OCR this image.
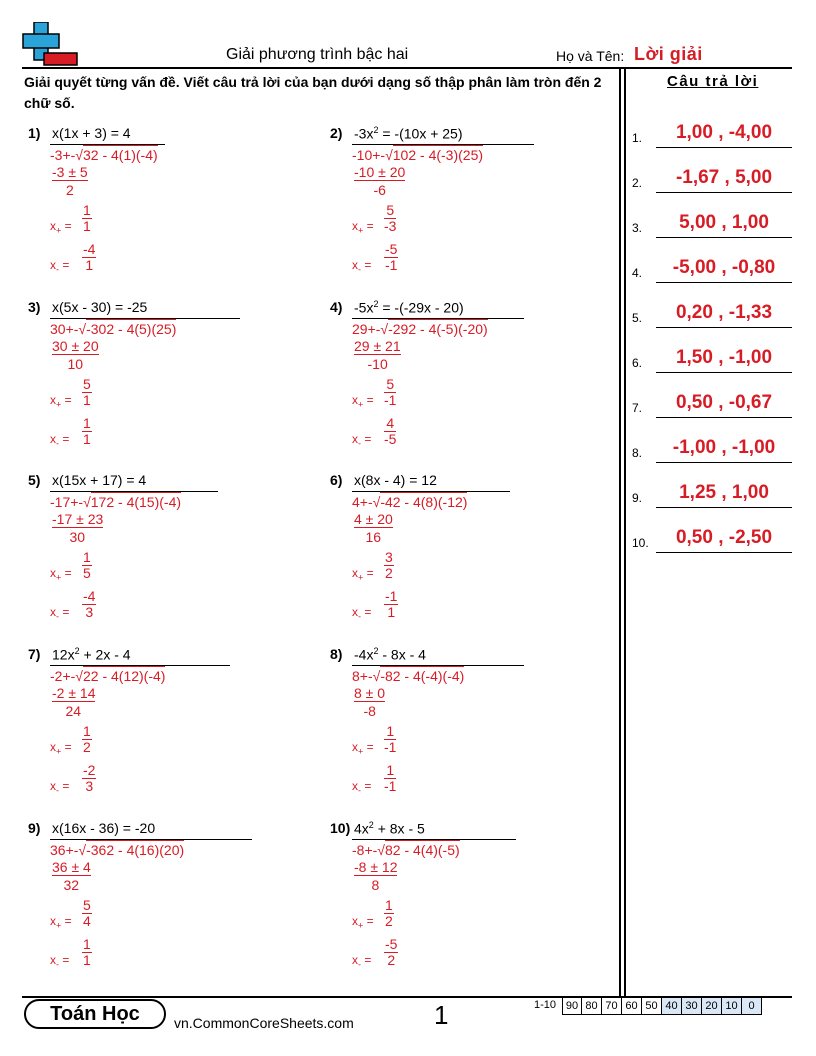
Giải phương trình bậc hai	Họ và Tên: Lời giải
Giải quyết từng vấn đề. Viết câu trả lời của bạn dưới dạng số thập phân làm tròn đến 2 chữ số.
Câu trả lời
1.	1,00 , -4,00
2.	-1,67 , 5,00
3.	5,00 , 1,00
4.	-5,00 , -0,80
5.	0,20 , -1,33
6.	1,50 , -1,00
7.	0,50 , -0,67
8.	-1,00 , -1,00
9.	1,25 , 1,00
10.	0,50 , -2,50
1) x(1x + 3) = 4
-3+-√32 - 4(1)(-4)
-3 ± 5
2
$x_+ = \frac{1}{1}$
$x_- = \frac{-4}{1}$
2) $-3x^2 = -(10x + 25)$
-10+-√102 - 4(-3)(25)
-10 ± 20
-6
$x_+ = \frac{5}{-3}$
$x_- = \frac{-5}{-1}$
3) x(5x - 30) = -25
30+-√-302 - 4(5)(25)
30 ± 20
10
$x_+ = \frac{5}{1}$
$x_- = \frac{1}{1}$
4) $-5x^2 = -(-29x - 20)$
29+-√-292 - 4(-5)(-20)
29 ± 21
-10
$x_+ = \frac{5}{-1}$
$x_- = \frac{4}{-5}$
5) x(15x + 17) = 4
-17+-√172 - 4(15)(-4)
-17 ± 23
30
$x_+ = \frac{1}{5}$
$x_- = \frac{-4}{3}$
6) x(8x - 4) = 12
4+-√-42 - 4(8)(-12)
4 ± 20
16
$x_+ = \frac{3}{2}$
$x_- = \frac{-1}{1}$
7) $12x^2 + 2x - 4$
-2+-√22 - 4(12)(-4)
-2 ± 14
24
$x_+ = \frac{1}{2}$
$x_- = \frac{-2}{3}$
8) $-4x^2 - 8x - 4$
8+-√-82 - 4(-4)(-4)
8 ± 0
-8
$x_+ = \frac{1}{-1}$
$x_- = \frac{1}{-1}$
9) x(16x - 36) = -20
36+-√-362 - 4(16)(20)
36 ± 4
32
$x_+ = \frac{5}{4}$
$x_- = \frac{1}{1}$
10) $4x^2 + 8x - 5$
-8+-√82 - 4(4)(-5)
-8 ± 12
8
$x_+ = \frac{1}{2}$
$x_- = \frac{-5}{2}$
Toán Học	vn.CommonCoreSheets.com	1	1-10 90 80 70 60 50 40 30 20 10 0
